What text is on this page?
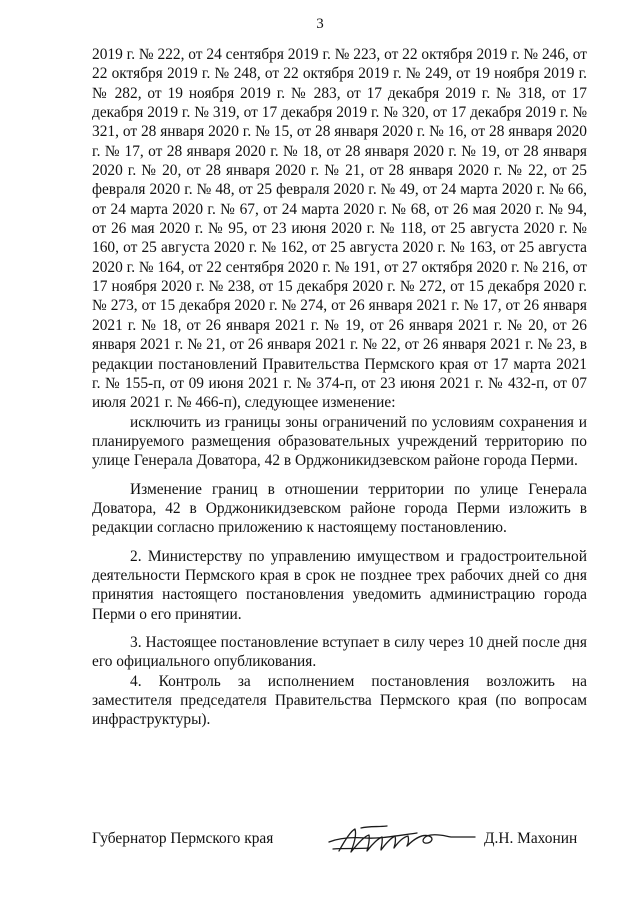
3

2019 г. № 222, от 24 сентября 2019 г. № 223, от 22 октября 2019 г. № 246, от 22 октября 2019 г. № 248, от 22 октября 2019 г. № 249, от 19 ноября 2019 г. № 282, от 19 ноября 2019 г. № 283, от 17 декабря 2019 г. № 318, от 17 декабря 2019 г. № 319, от 17 декабря 2019 г. № 320, от 17 декабря 2019 г. № 321, от 28 января 2020 г. № 15, от 28 января 2020 г. № 16, от 28 января 2020 г. № 17, от 28 января 2020 г. № 18, от 28 января 2020 г. № 19, от 28 января 2020 г. № 20, от 28 января 2020 г. № 21, от 28 января 2020 г. № 22, от 25 февраля 2020 г. № 48, от 25 февраля 2020 г. № 49, от 24 марта 2020 г. № 66, от 24 марта 2020 г. № 67, от 24 марта 2020 г. № 68, от 26 мая 2020 г. № 94, от 26 мая 2020 г. № 95, от 23 июня 2020 г. № 118, от 25 августа 2020 г. № 160, от 25 августа 2020 г. № 162, от 25 августа 2020 г. № 163, от 25 августа 2020 г. № 164, от 22 сентября 2020 г. № 191, от 27 октября 2020 г. № 216, от 17 ноября 2020 г. № 238, от 15 декабря 2020 г. № 272, от 15 декабря 2020 г. № 273, от 15 декабря 2020 г. № 274, от 26 января 2021 г. № 17, от 26 января 2021 г. № 18, от 26 января 2021 г. № 19, от 26 января 2021 г. № 20, от 26 января 2021 г. № 21, от 26 января 2021 г. № 22, от 26 января 2021 г. № 23, в редакции постановлений Правительства Пермского края от 17 марта 2021 г. № 155-п, от 09 июня 2021 г. № 374-п, от 23 июня 2021 г. № 432-п, от 07 июля 2021 г. № 466-п), следующее изменение:

исключить из границы зоны ограничений по условиям сохранения и планируемого размещения образовательных учреждений территорию по улице Генерала Доватора, 42 в Орджоникидзевском районе города Перми.

Изменение границ в отношении территории по улице Генерала Доватора, 42 в Орджоникидзевском районе города Перми изложить в редакции согласно приложению к настоящему постановлению.

2. Министерству по управлению имуществом и градостроительной деятельности Пермского края в срок не позднее трех рабочих дней со дня принятия настоящего постановления уведомить администрацию города Перми о его принятии.

3. Настоящее постановление вступает в силу через 10 дней после дня его официального опубликования.

4. Контроль за исполнением постановления возложить на заместителя председателя Правительства Пермского края (по вопросам инфраструктуры).

Губернатор Пермского края	Д.Н. Махонин
